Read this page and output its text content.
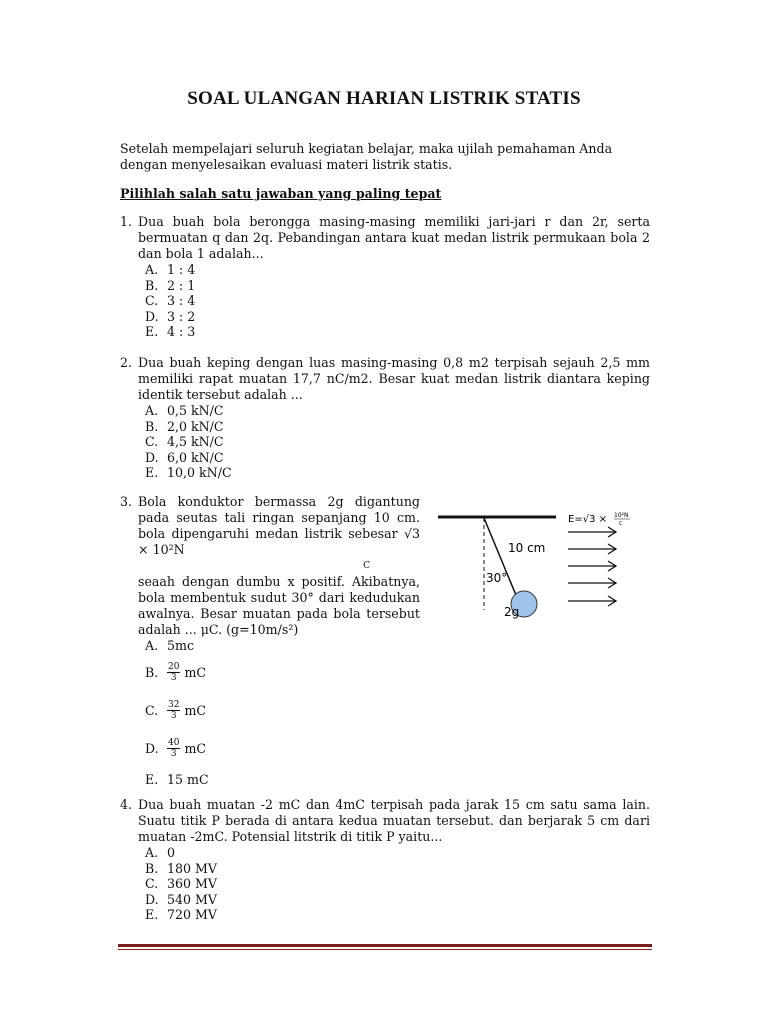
SOAL ULANGAN HARIAN LISTRIK STATIS
Setelah mempelajari seluruh kegiatan belajar, maka ujilah pemahaman Anda dengan menyelesaikan evaluasi materi listrik statis.
Pilihlah salah satu jawaban yang paling tepat
1. Dua buah bola berongga masing-masing memiliki jari-jari r dan 2r, serta bermuatan q dan 2q. Pebandingan antara kuat medan listrik permukaan bola 2 dan bola 1 adalah...
A. 1 : 4
B. 2 : 1
C. 3 : 4
D. 3 : 2
E. 4 : 3
2. Dua buah keping dengan luas masing-masing 0,8 m2 terpisah sejauh 2,5 mm memiliki rapat muatan 17,7 nC/m2. Besar kuat medan listrik diantara keping identik tersebut adalah ...
A. 0,5 kN/C
B. 2,0 kN/C
C. 4,5 kN/C
D. 6,0 kN/C
E. 10,0 kN/C
3. Bola konduktor bermassa 2g digantung pada seutas tali ringan sepanjang 10 cm. bola dipengaruhi medan listrik sebesar √3 × 10²N
C
seaah dengan dumbu x positif. Akibatnya, bola membentuk sudut 30° dari kedudukan awalnya. Besar muatan pada bola tersebut adalah ... μC. (g=10m/s²)
A. 5mc
B. $\frac{20}{3}$ mC
C. $\frac{32}{3}$ mC
D. $\frac{40}{3}$ mC
E. 15 mC
10 cm
30°
2g
E=√3 × 10²N
C
4. Dua buah muatan -2 mC dan 4mC terpisah pada jarak 15 cm satu sama lain. Suatu titik P berada di antara kedua muatan tersebut. dan berjarak 5 cm dari muatan -2mC. Potensial litstrik di titik P yaitu...
A. 0
B. 180 MV
C. 360 MV
D. 540 MV
E. 720 MV
